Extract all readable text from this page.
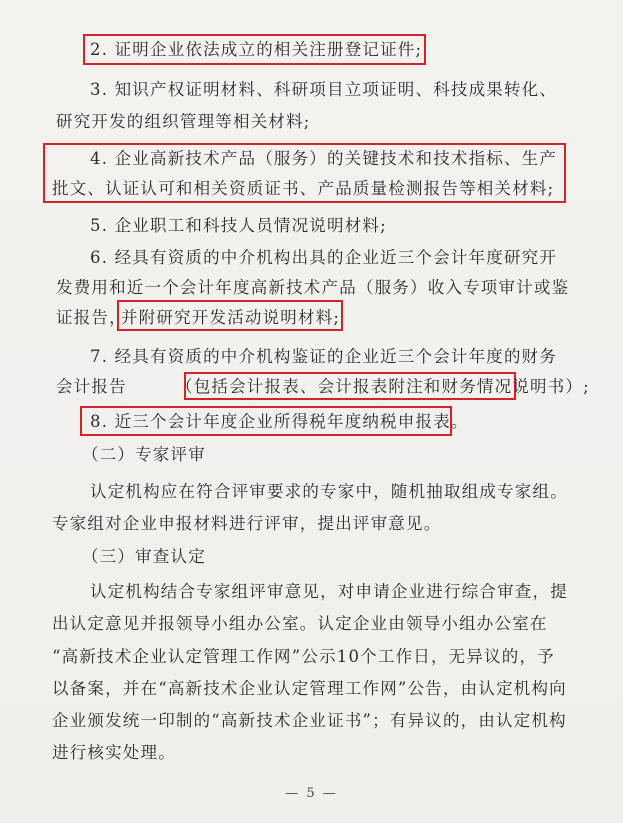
2. 证明企业依法成立的相关注册登记证件;
3. 知识产权证明材料、科研项目立项证明、科技成果转化、
研究开发的组织管理等相关材料;
4. 企业高新技术产品（服务）的关键技术和技术指标、生产
批文、认证认可和相关资质证书、产品质量检测报告等相关材料;
5. 企业职工和科技人员情况说明材料;
6. 经具有资质的中介机构出具的企业近三个会计年度研究开
发费用和近一个会计年度高新技术产品（服务）收入专项审计或鉴
证报告，
并附研究开发活动说明材料;
7. 经具有资质的中介机构鉴证的企业近三个会计年度的财务
会计报告	（包括会计报表、会计报表附注和财务情况说明书）;
8. 近三个会计年度企业所得税年度纳税申报表。
（二）专家评审
认定机构应在符合评审要求的专家中，随机抽取组成专家组。
专家组对企业申报材料进行评审，提出评审意见。
（三）审查认定
认定机构结合专家组评审意见，对申请企业进行综合审查，提
出认定意见并报领导小组办公室。认定企业由领导小组办公室在
“高新技术企业认定管理工作网”公示10个工作日，无异议的，予
以备案，并在“高新技术企业认定管理工作网”公告，由认定机构向
企业颁发统一印制的“高新技术企业证书”；有异议的，由认定机构
进行核实处理。
— 5 —
